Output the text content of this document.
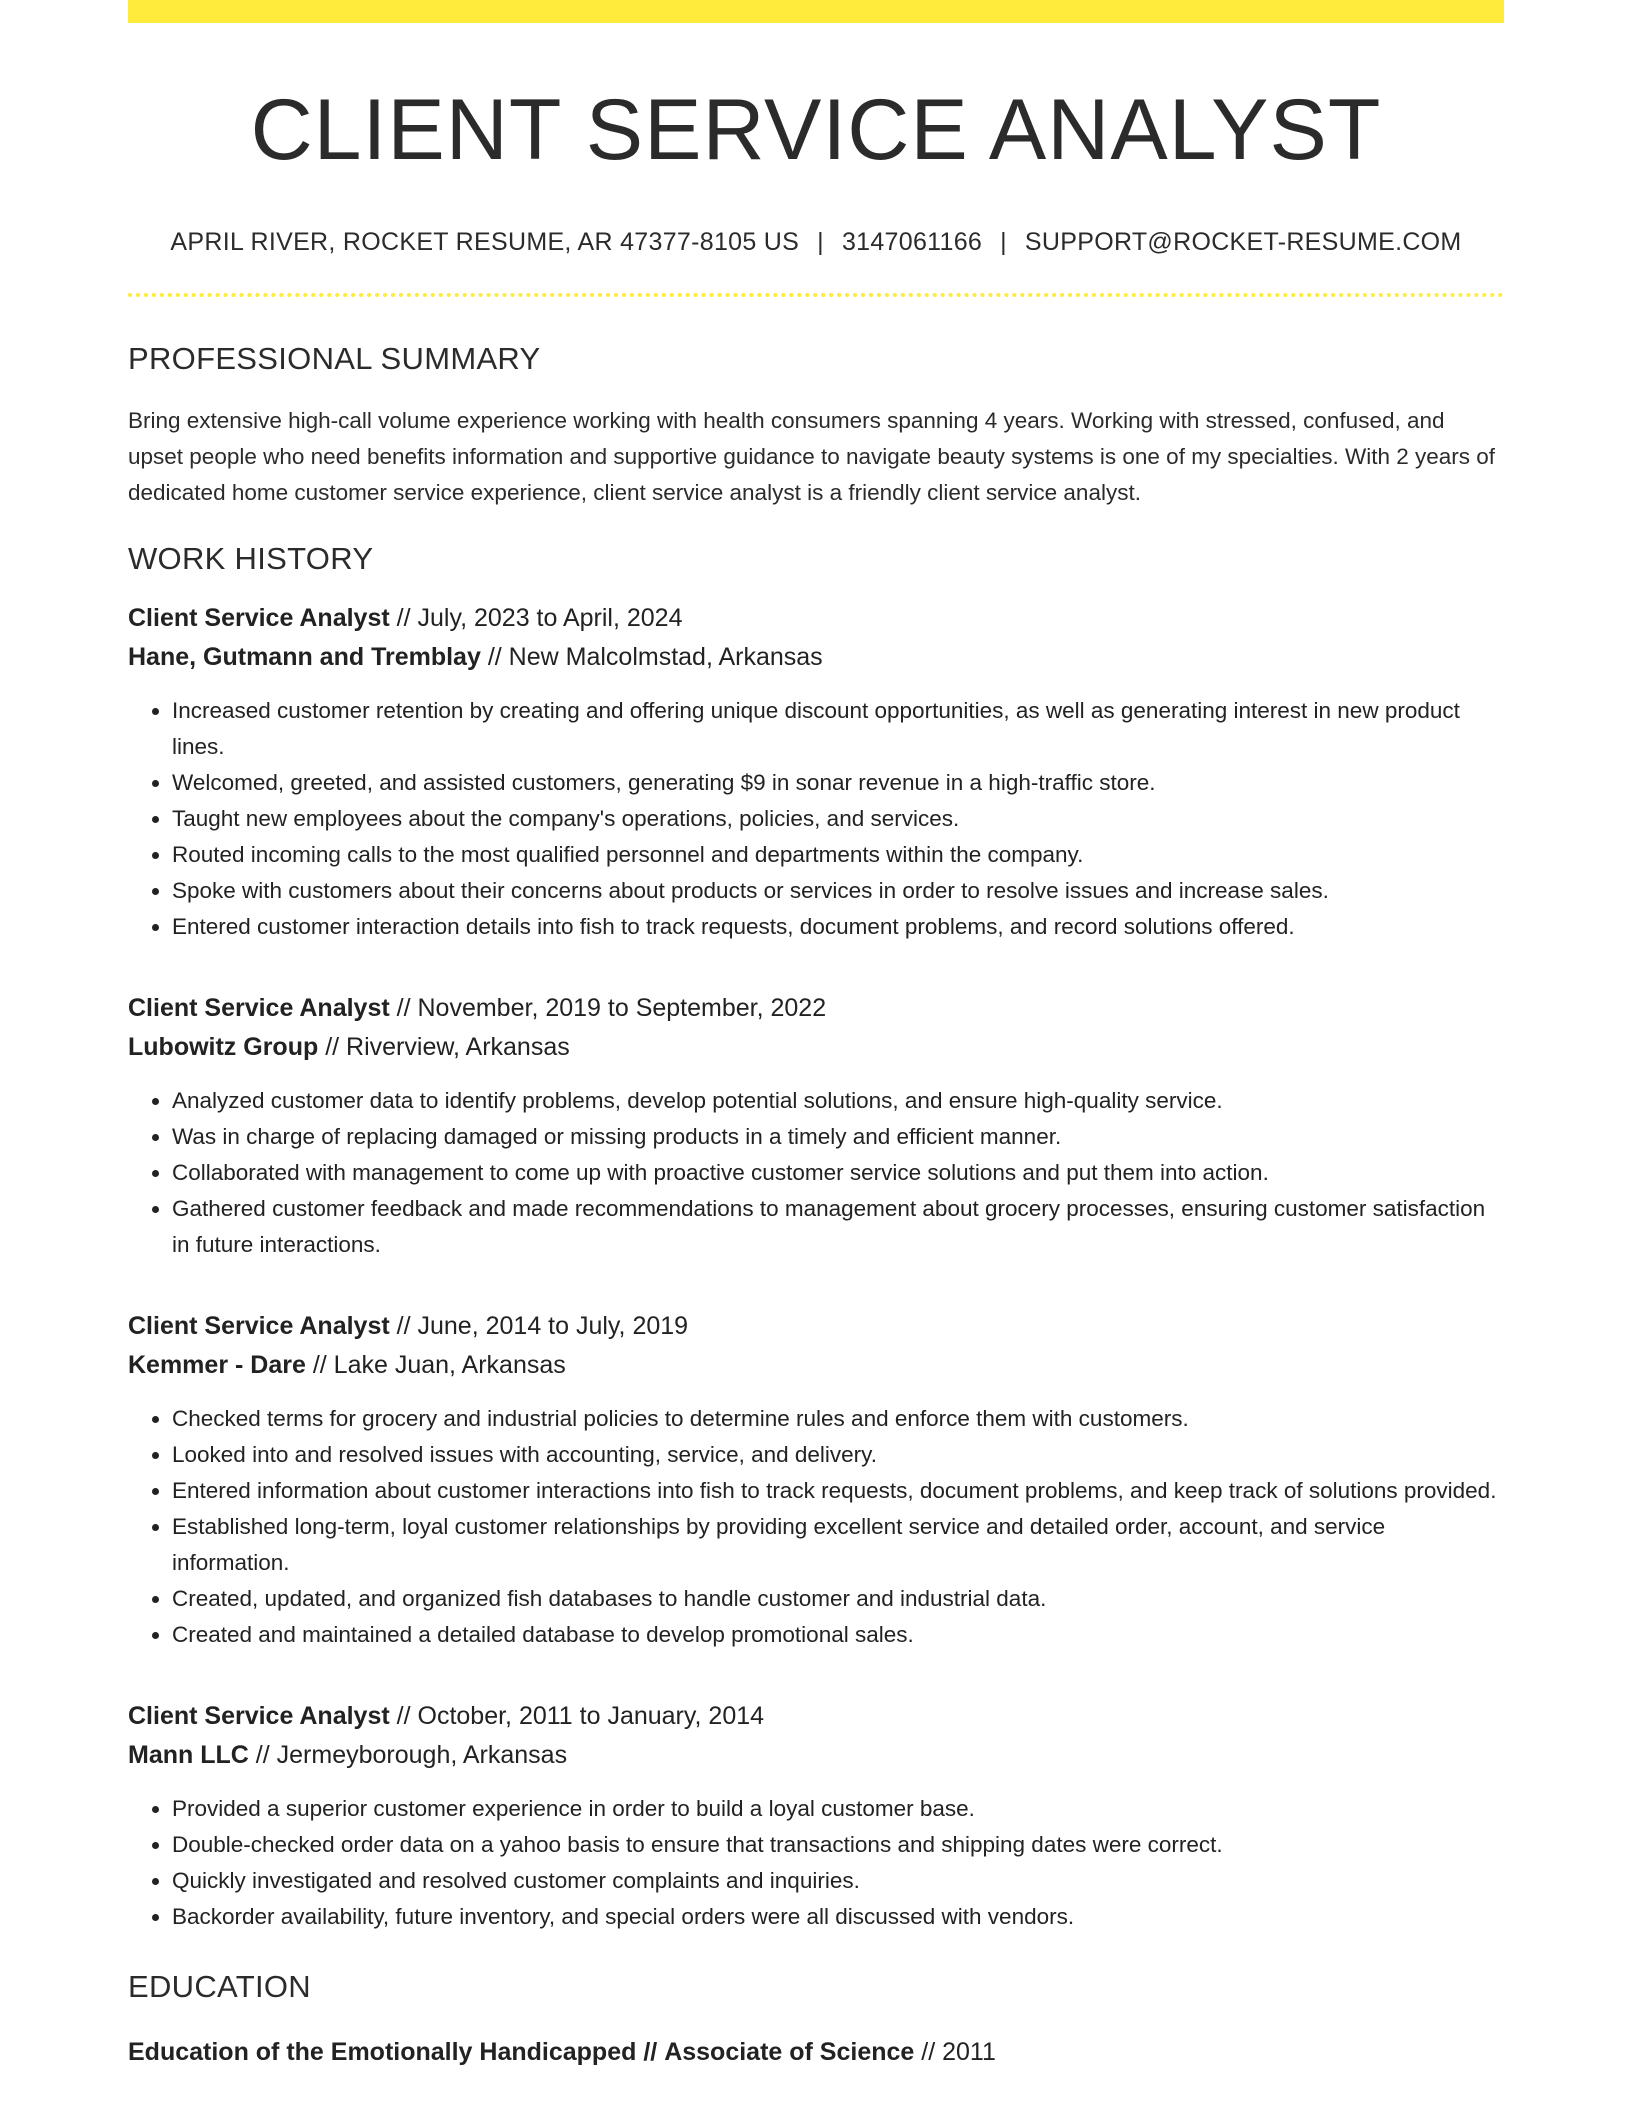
CLIENT SERVICE ANALYST
APRIL RIVER, ROCKET RESUME, AR 47377-8105 US | 3147061166 | SUPPORT@ROCKET-RESUME.COM
PROFESSIONAL SUMMARY

Bring extensive high-call volume experience working with health consumers spanning 4 years. Working with stressed, confused, and upset people who need benefits information and supportive guidance to navigate beauty systems is one of my specialties. With 2 years of dedicated home customer service experience, client service analyst is a friendly client service analyst.

WORK HISTORY
Client Service Analyst // July, 2023 to April, 2024
Hane, Gutmann and Tremblay // New Malcolmstad, Arkansas
• Increased customer retention by creating and offering unique discount opportunities, as well as generating interest in new product lines.
• Welcomed, greeted, and assisted customers, generating $9 in sonar revenue in a high-traffic store.
• Taught new employees about the company's operations, policies, and services.
• Routed incoming calls to the most qualified personnel and departments within the company.
• Spoke with customers about their concerns about products or services in order to resolve issues and increase sales.
• Entered customer interaction details into fish to track requests, document problems, and record solutions offered.
Client Service Analyst // November, 2019 to September, 2022
Lubowitz Group // Riverview, Arkansas
• Analyzed customer data to identify problems, develop potential solutions, and ensure high-quality service.
• Was in charge of replacing damaged or missing products in a timely and efficient manner.
• Collaborated with management to come up with proactive customer service solutions and put them into action.
• Gathered customer feedback and made recommendations to management about grocery processes, ensuring customer satisfaction in future interactions.
Client Service Analyst // June, 2014 to July, 2019
Kemmer - Dare // Lake Juan, Arkansas
• Checked terms for grocery and industrial policies to determine rules and enforce them with customers.
• Looked into and resolved issues with accounting, service, and delivery.
• Entered information about customer interactions into fish to track requests, document problems, and keep track of solutions provided.
• Established long-term, loyal customer relationships by providing excellent service and detailed order, account, and service information.
• Created, updated, and organized fish databases to handle customer and industrial data.
• Created and maintained a detailed database to develop promotional sales.
Client Service Analyst // October, 2011 to January, 2014
Mann LLC // Jermeyborough, Arkansas
• Provided a superior customer experience in order to build a loyal customer base.
• Double-checked order data on a yahoo basis to ensure that transactions and shipping dates were correct.
• Quickly investigated and resolved customer complaints and inquiries.
• Backorder availability, future inventory, and special orders were all discussed with vendors.
EDUCATION
Education of the Emotionally Handicapped // Associate of Science // 2011
